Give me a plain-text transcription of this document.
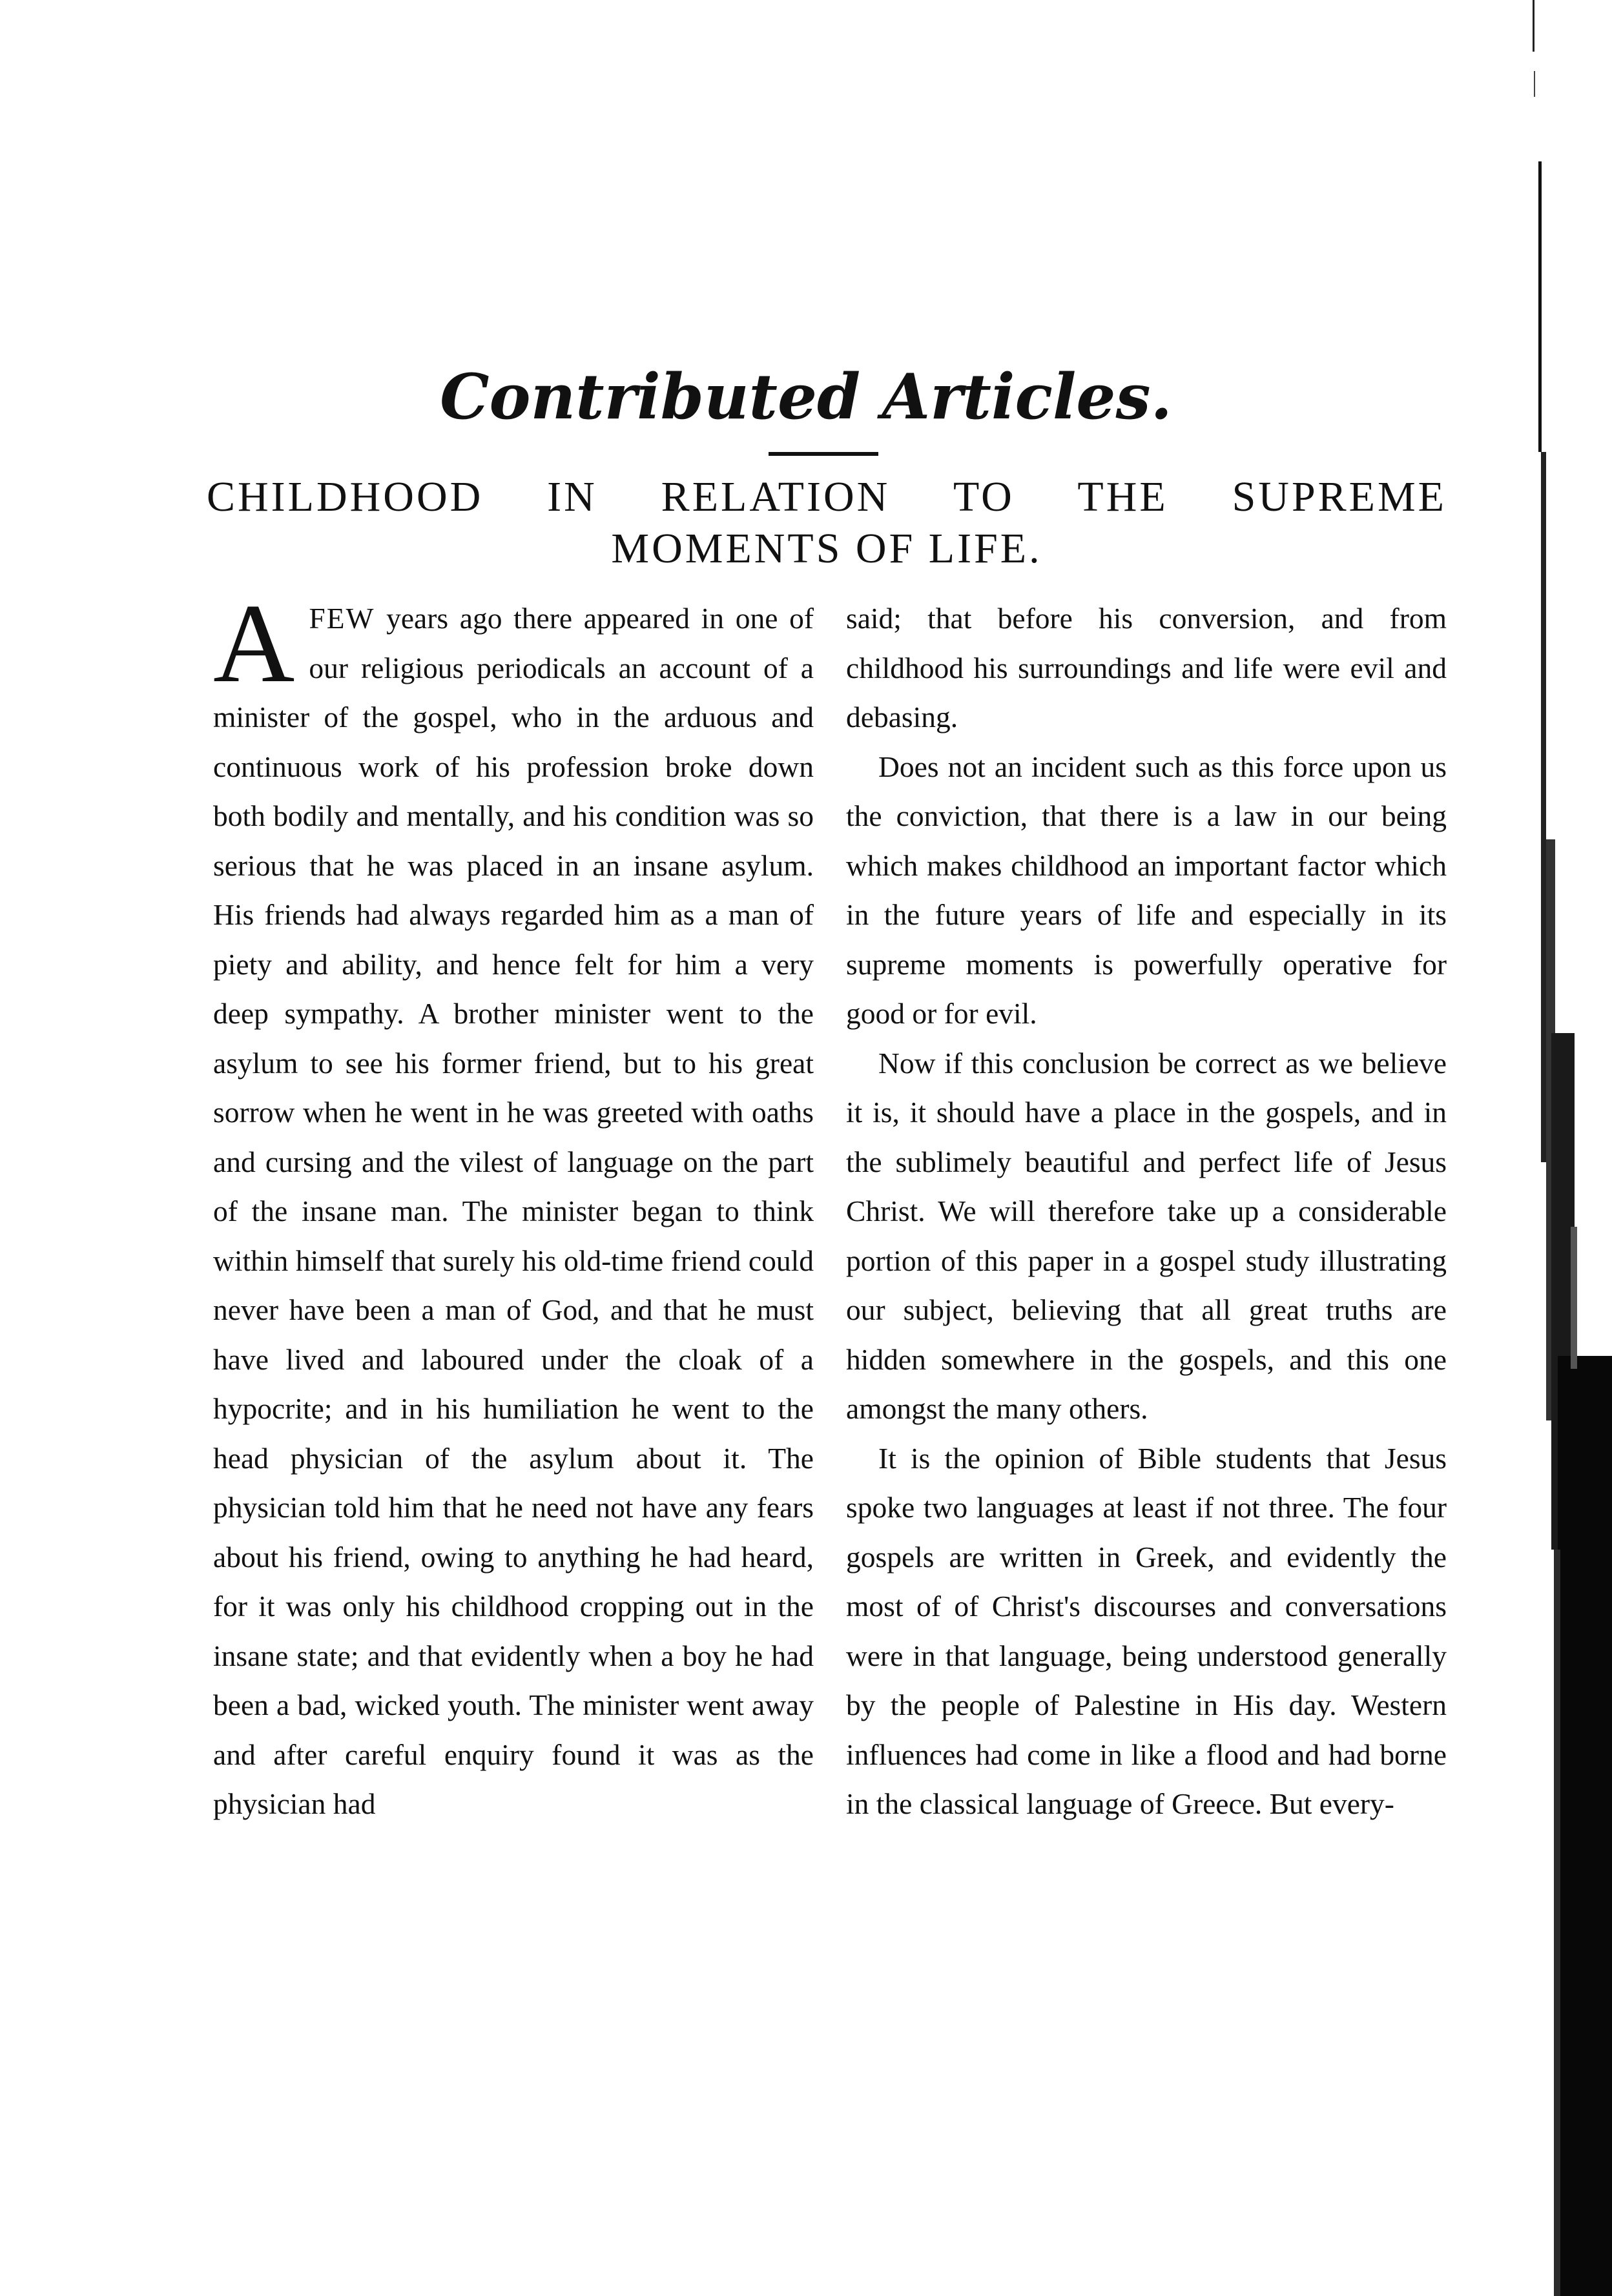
Contributed Articles.
CHILDHOOD IN RELATION TO THE SUPREME
MOMENTS OF LIFE.

AFEW years ago there appeared in one of our religious periodicals an account of a minister of the gospel, who in the arduous and continuous work of his profession broke down both bodily and mentally, and his condition was so serious that he was placed in an insane asylum. His friends had always regarded him as a man of piety and ability, and hence felt for him a very deep sympathy. A brother minister went to the asylum to see his former friend, but to his great sorrow when he went in he was greeted with oaths and cursing and the vilest of language on the part of the insane man. The minister began to think within himself that surely his old-time friend could never have been a man of God, and that he must have lived and laboured under the cloak of a hypocrite; and in his humiliation he went to the head physician of the asylum about it. The physician told him that he need not have any fears about his friend, owing to anything he had heard, for it was only his childhood cropping out in the insane state; and that evidently when a boy he had been a bad, wicked youth. The minister went away and after careful enquiry found it was as the physician had

said; that before his conversion, and from childhood his surroundings and life were evil and debasing.

Does not an incident such as this force upon us the conviction, that there is a law in our being which makes childhood an important factor which in the future years of life and especially in its supreme moments is powerfully operative for good or for evil.

Now if this conclusion be correct as we believe it is, it should have a place in the gospels, and in the sublimely beautiful and perfect life of Jesus Christ. We will therefore take up a considerable portion of this paper in a gospel study illustrating our subject, believing that all great truths are hidden somewhere in the gospels, and this one amongst the many others.

It is the opinion of Bible students that Jesus spoke two languages at least if not three. The four gospels are written in Greek, and evidently the most of of Christ's discourses and conversations were in that language, being understood generally by the people of Palestine in His day. Western influences had come in like a flood and had borne in the classical language of Greece. But every-
